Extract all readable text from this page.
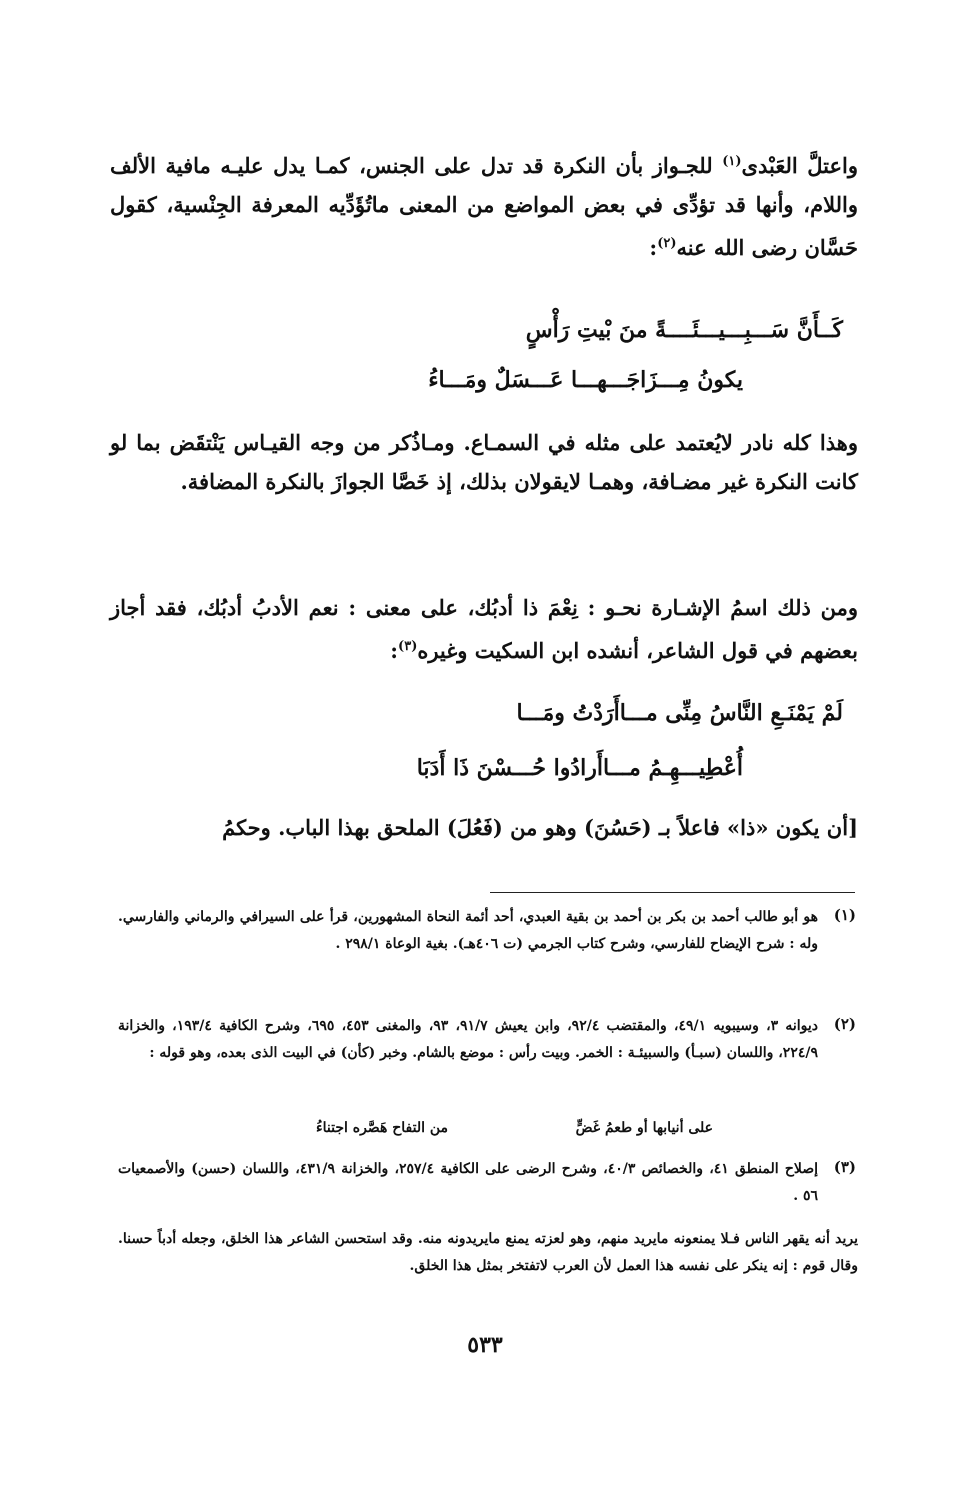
واعتلَّ العَبْدى$^{(١)}$ للجـواز بأن النكرة قد تدل على الجنس، كمـا يدل عليـه مافية الألف واللام، وأنها قد تؤدِّى في بعض المواضع من المعنى ماتُؤَدِّيه المعرفة الجِنْسية، كقول حَسَّان رضى الله عنه$^{(٢)}$:

كَــأَنَّ سَـــبِـــيـــئَــــةً منَ بْيتِ رَأْسٍ
يكونُ مِـــزَاجَـــهـــا عَـــسَلٌ ومَـــاءُ

وهذا كله نادر لايُعتمد على مثله في السمـاع. ومـاذُكر من وجه القيـاس يَنْتقَض بما لو كانت النكرة غير مضـافة، وهمـا لايقولان بذلك، إذ خَصَّا الجوازَ بالنكرة المضافة.

ومن ذلك اسمُ الإشـارة نحـو : نِعْمَ ذا أدبُك، على معنى : نعم الأدبُ أدبُك، فقد أجاز بعضهم في قول الشاعر، أنشده ابن السكيت وغيره$^{(٣)}$:

لَمْ يَمْنَـعِ النَّاسُ مِنِّى مـــاأَرَدْتُ ومَـــا
أُعْطِيـــهِـمُ مـــاأَرادُوا حُـــسْنَ ذَا أَدَبَا

[أن يكون «ذا» فاعلاً بـ (حَسُنَ) وهو من (فَعُلَ) الملحق بهذا الباب. وحكمُ

(١)
هو أبو طالب أحمد بن بكر بن أحمد بن بقية العبدي، أحد أئمة النحاة المشهورين، قرأ على السيرافي والرماني والفارسي. وله : شرح الإيضاح للفارسي، وشرح كتاب الجرمي (ت ٤٠٦هـ). بغية الوعاة ٢٩٨/١ .
(٢)
ديوانه ٣، وسيبويه ٤٩/١، والمقتضب ٩٢/٤، وابن يعيش ٩١/٧، ٩٣، والمغنى ٤٥٣، ٦٩٥، وشرح الكافية ١٩٣/٤، والخزانة ٢٢٤/٩، واللسان (سبـأ) والسبيئـة : الخمر. وبيت رأس : موضع بالشام. وخبر (كأن) في البيت الذى بعده، وهو قوله :
على أنيابها أو طعمُ غَضٍّ
من التفاح هَصَّره اجتناءُ
(٣)
إصلاح المنطق ٤١، والخصائص ٤٠/٣، وشرح الرضى على الكافية ٢٥٧/٤، والخزانة ٤٣١/٩، واللسان (حسن) والأصمعيات ٥٦ .
يريد أنه يقهر الناس فـلا يمنعونه مايريد منهم، وهو لعزته يمنع مايريدونه منه. وقد استحسن الشاعر هذا الخلق، وجعله أدباً حسنا. وقال قوم : إنه ينكر على نفسه هذا العمل لأن العرب لاتفتخر بمثل هذا الخلق.
٥٣٣
